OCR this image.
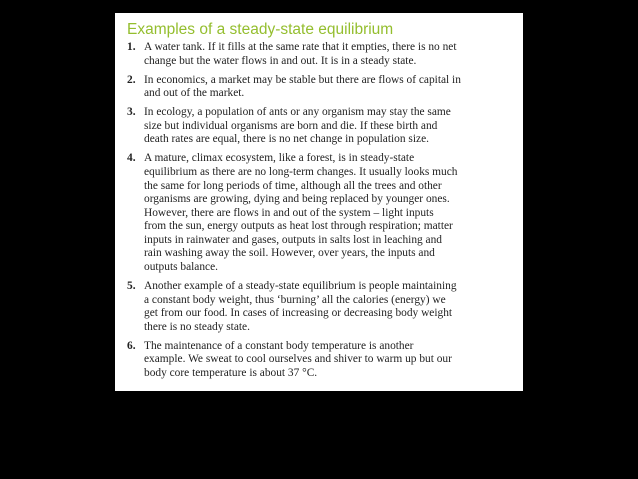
Examples of a steady-state equilibrium
1. A water tank. If it fills at the same rate that it empties, there is no net
change but the water flows in and out. It is in a steady state.
2. In economics, a market may be stable but there are flows of capital in
and out of the market.
3. In ecology, a population of ants or any organism may stay the same
size but individual organisms are born and die. If these birth and
death rates are equal, there is no net change in population size.
4. A mature, climax ecosystem, like a forest, is in steady-state
equilibrium as there are no long-term changes. It usually looks much
the same for long periods of time, although all the trees and other
organisms are growing, dying and being replaced by younger ones.
However, there are flows in and out of the system – light inputs
from the sun, energy outputs as heat lost through respiration; matter
inputs in rainwater and gases, outputs in salts lost in leaching and
rain washing away the soil. However, over years, the inputs and
outputs balance.
5. Another example of a steady-state equilibrium is people maintaining
a constant body weight, thus ‘burning’ all the calories (energy) we
get from our food. In cases of increasing or decreasing body weight
there is no steady state.
6. The maintenance of a constant body temperature is another
example. We sweat to cool ourselves and shiver to warm up but our
body core temperature is about 37 °C.
